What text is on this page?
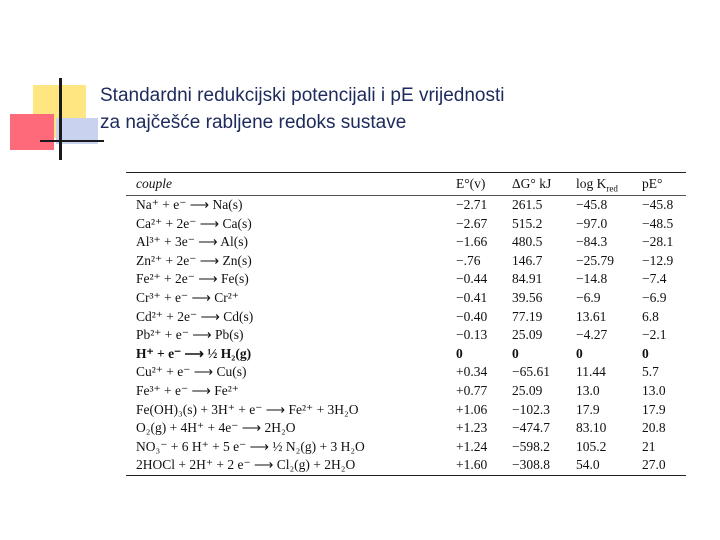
Standardni redukcijski potencijali i pE vrijednosti
za najčešće rabljene redoks sustave
couple	E°(v) ΔG° kJ $\log K_{red}$ pE°
Na⁺ + e⁻ ⟶ Na(s)	−2.71 261.5 −45.8	−45.8
Ca²⁺ + 2e⁻ ⟶ Ca(s)	−2.67 515.2 −97.0	−48.5
Al³⁺ + 3e⁻ ⟶ Al(s)	−1.66 480.5 −84.3	−28.1
Zn²⁺ + 2e⁻ ⟶ Zn(s)	−.76 146.7 −25.79 −12.9
Fe²⁺ + 2e⁻ ⟶ Fe(s)	−0.44 84.91 −14.8	−7.4
Cr³⁺ + e⁻ ⟶ Cr²⁺	−0.41 39.56 −6.9	−6.9
Cd²⁺ + 2e⁻ ⟶ Cd(s)	−0.40 77.19 13.61	6.8
Pb²⁺ + e⁻ ⟶ Pb(s)	−0.13 25.09 −4.27	−2.1
H⁺ + e⁻ ⟶ ½ H₂(g)	0	0	0	0
Cu²⁺ + e⁻ ⟶ Cu(s)	+0.34 −65.61 11.44	5.7
Fe³⁺ + e⁻ ⟶ Fe²⁺	+0.77 25.09 13.0	13.0
Fe(OH)₃(s) + 3H⁺ + e⁻ ⟶ Fe²⁺ + 3H₂O	+1.06 −102.3 17.9	17.9
O₂(g) + 4H⁺ + 4e⁻ ⟶ 2H₂O	+1.23 −474.7 83.10	20.8
NO₃⁻ + 6 H⁺ + 5 e⁻ ⟶ ½ N₂(g) + 3 H₂O	+1.24 −598.2 105.2	21
2HOCl + 2H⁺ + 2 e⁻ ⟶ Cl₂(g) + 2H₂O	+1.60 −308.8 54.0	27.0
